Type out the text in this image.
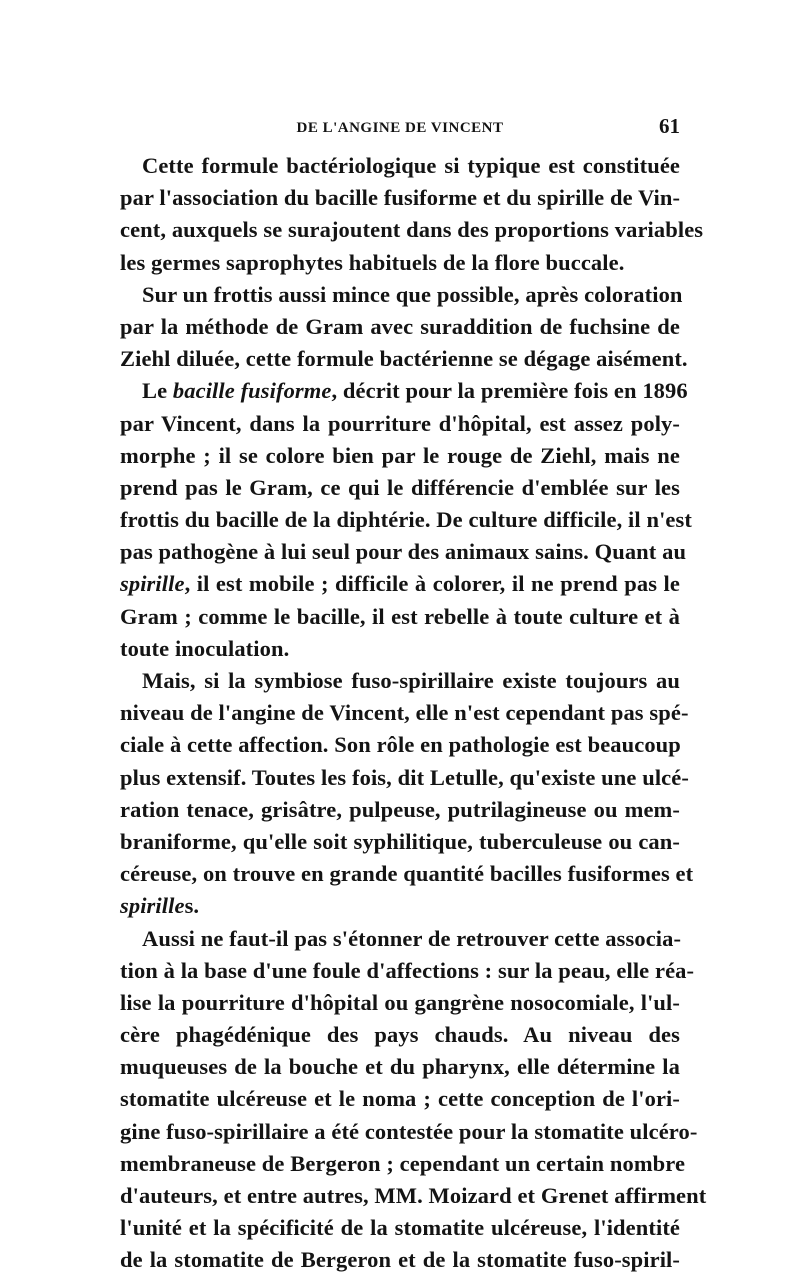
DE L'ANGINE DE VINCENT	61
Cette formule bactériologique si typique est constituée
par l'association du bacille fusiforme et du spirille de Vin-
cent, auxquels se surajoutent dans des proportions variables
les germes saprophytes habituels de la flore buccale.
Sur un frottis aussi mince que possible, après coloration
par la méthode de Gram avec suraddition de fuchsine de
Ziehl diluée, cette formule bactérienne se dégage aisément.
Le bacille fusiforme, décrit pour la première fois en 1896
par Vincent, dans la pourriture d'hôpital, est assez poly-
morphe ; il se colore bien par le rouge de Ziehl, mais ne
prend pas le Gram, ce qui le différencie d'emblée sur les
frottis du bacille de la diphtérie. De culture difficile, il n'est
pas pathogène à lui seul pour des animaux sains. Quant au
spirille, il est mobile ; difficile à colorer, il ne prend pas le
Gram ; comme le bacille, il est rebelle à toute culture et à
toute inoculation.
Mais, si la symbiose fuso-spirillaire existe toujours au
niveau de l'angine de Vincent, elle n'est cependant pas spé-
ciale à cette affection. Son rôle en pathologie est beaucoup
plus extensif. Toutes les fois, dit Letulle, qu'existe une ulcé-
ration tenace, grisâtre, pulpeuse, putrilagineuse ou mem-
braniforme, qu'elle soit syphilitique, tuberculeuse ou can-
céreuse, on trouve en grande quantité bacilles fusiformes et
spirilles.
Aussi ne faut-il pas s'étonner de retrouver cette associa-
tion à la base d'une foule d'affections : sur la peau, elle réa-
lise la pourriture d'hôpital ou gangrène nosocomiale, l'ul-
cère phagédénique des pays chauds. Au niveau des
muqueuses de la bouche et du pharynx, elle détermine la
stomatite ulcéreuse et le noma ; cette conception de l'ori-
gine fuso-spirillaire a été contestée pour la stomatite ulcéro-
membraneuse de Bergeron ; cependant un certain nombre
d'auteurs, et entre autres, MM. Moizard et Grenet affirment
l'unité et la spécificité de la stomatite ulcéreuse, l'identité
de la stomatite de Bergeron et de la stomatite fuso-spiril-
